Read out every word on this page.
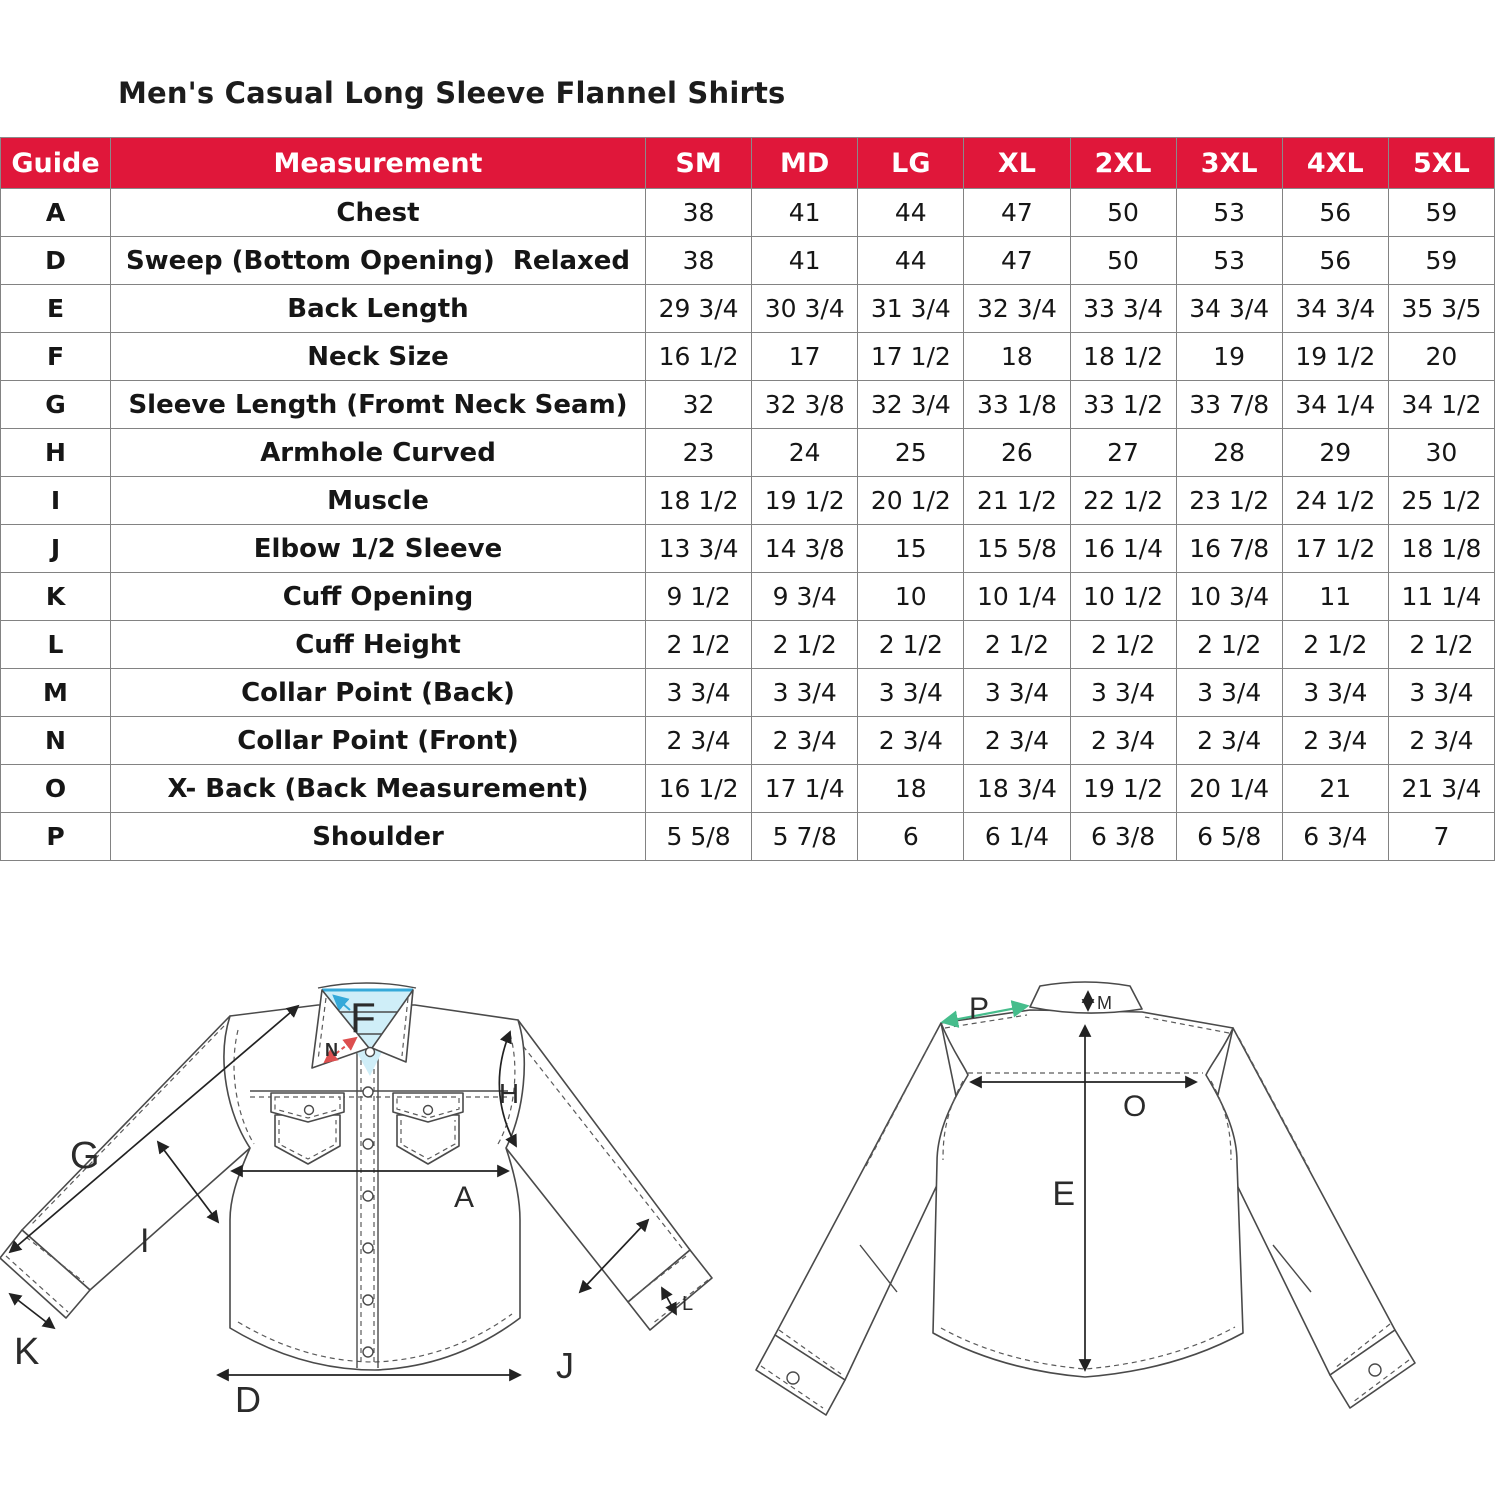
Men's Casual Long Sleeve Flannel Shirts
Guide	Measurement	SM	MD	LG	XL	2XL	3XL	4XL	5XL
A	Chest	38	41	44	47	50	53	56	59
D	Sweep (Bottom Opening)  Relaxed	38	41	44	47	50	53	56	59
E	Back Length	29 3/4	30 3/4	31 3/4	32 3/4	33 3/4	34 3/4	34 3/4	35 3/5
F	Neck Size	16 1/2	17	17 1/2	18	18 1/2	19	19 1/2	20
G	Sleeve Length (Fromt Neck Seam)	32	32 3/8	32 3/4	33 1/8	33 1/2	33 7/8	34 1/4	34 1/2
H	Armhole Curved	23	24	25	26	27	28	29	30
I	Muscle	18 1/2	19 1/2	20 1/2	21 1/2	22 1/2	23 1/2	24 1/2	25 1/2
J	Elbow 1/2 Sleeve	13 3/4	14 3/8	15	15 5/8	16 1/4	16 7/8	17 1/2	18 1/8
K	Cuff Opening	9 1/2	9 3/4	10	10 1/4	10 1/2	10 3/4	11	11 1/4
L	Cuff Height	2 1/2	2 1/2	2 1/2	2 1/2	2 1/2	2 1/2	2 1/2	2 1/2
M	Collar Point (Back)	3 3/4	3 3/4	3 3/4	3 3/4	3 3/4	3 3/4	3 3/4	3 3/4
N	Collar Point (Front)	2 3/4	2 3/4	2 3/4	2 3/4	2 3/4	2 3/4	2 3/4	2 3/4
O	X- Back (Back Measurement)	16 1/2	17 1/4	18	18 3/4	19 1/2	20 1/4	21	21 3/4
P	Shoulder	5 5/8	5 7/8	6	6 1/4	6 3/8	6 5/8	6 3/4	7
G
I
F
N
H
A
J
K
L
D
P	M
O
E
